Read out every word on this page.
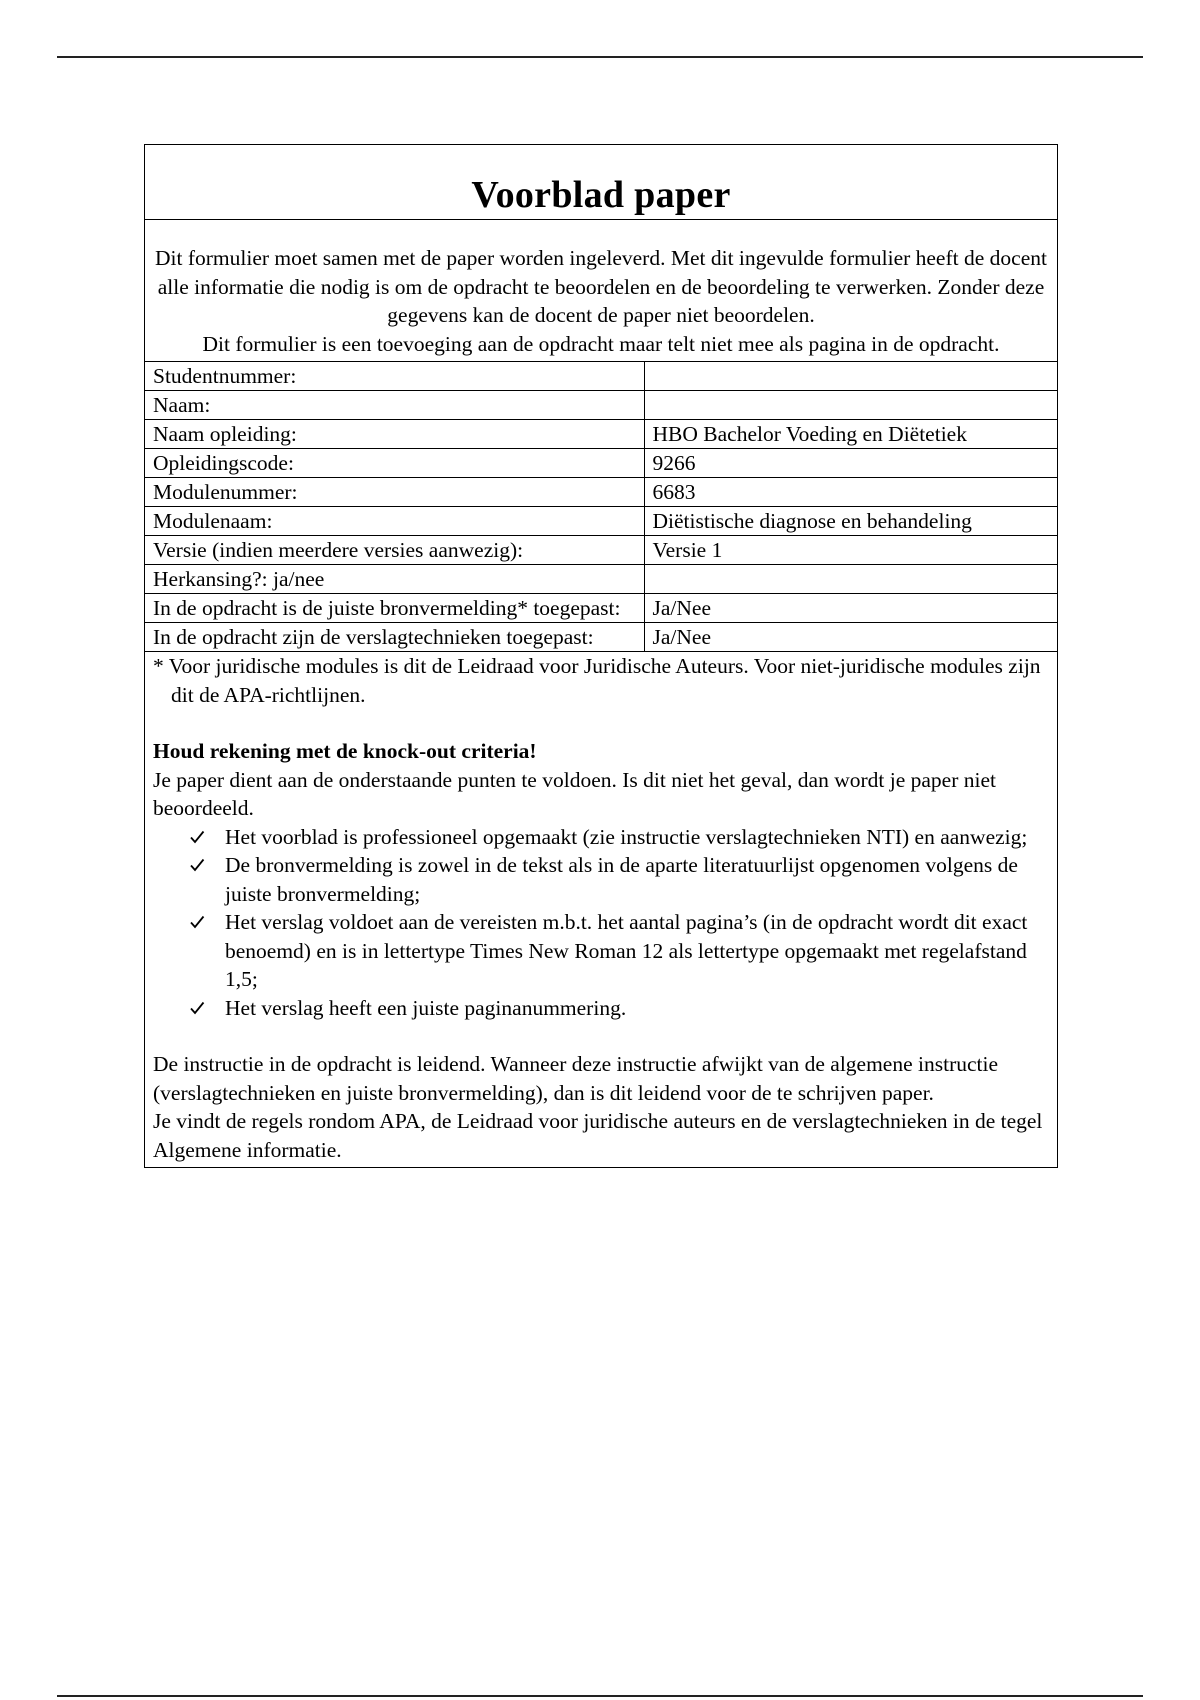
Voorblad paper

Dit formulier moet samen met de paper worden ingeleverd. Met dit ingevulde formulier heeft de docent alle informatie die nodig is om de opdracht te beoordelen en de beoordeling te verwerken. Zonder deze gegevens kan de docent de paper niet beoordelen.

Dit formulier is een toevoeging aan de opdracht maar telt niet mee als pagina in de opdracht.

Studentnummer:	
Naam:	
Naam opleiding:	HBO Bachelor Voeding en Diëtetiek
Opleidingscode:	9266
Modulenummer:	6683
Modulenaam:	Diëtistische diagnose en behandeling
Versie (indien meerdere versies aanwezig):	Versie 1
Herkansing?: ja/nee	
In de opdracht is de juiste bronvermelding* toegepast:	Ja/Nee
In de opdracht zijn de verslagtechnieken toegepast:	Ja/Nee

* Voor juridische modules is dit de Leidraad voor Juridische Auteurs. Voor niet-juridische modules zijn dit de APA-richtlijnen.

Houd rekening met de knock-out criteria!

Je paper dient aan de onderstaande punten te voldoen. Is dit niet het geval, dan wordt je paper niet beoordeeld.

Het voorblad is professioneel opgemaakt (zie instructie verslagtechnieken NTI) en aanwezig;
De bronvermelding is zowel in de tekst als in de aparte literatuurlijst opgenomen volgens de juiste bronvermelding;
Het verslag voldoet aan de vereisten m.b.t. het aantal pagina’s (in de opdracht wordt dit exact benoemd) en is in lettertype Times New Roman 12 als lettertype opgemaakt met regelafstand 1,5;
Het verslag heeft een juiste paginanummering.

De instructie in de opdracht is leidend. Wanneer deze instructie afwijkt van de algemene instructie (verslagtechnieken en juiste bronvermelding), dan is dit leidend voor de te schrijven paper.

Je vindt de regels rondom APA, de Leidraad voor juridische auteurs en de verslagtechnieken in de tegel Algemene informatie.
